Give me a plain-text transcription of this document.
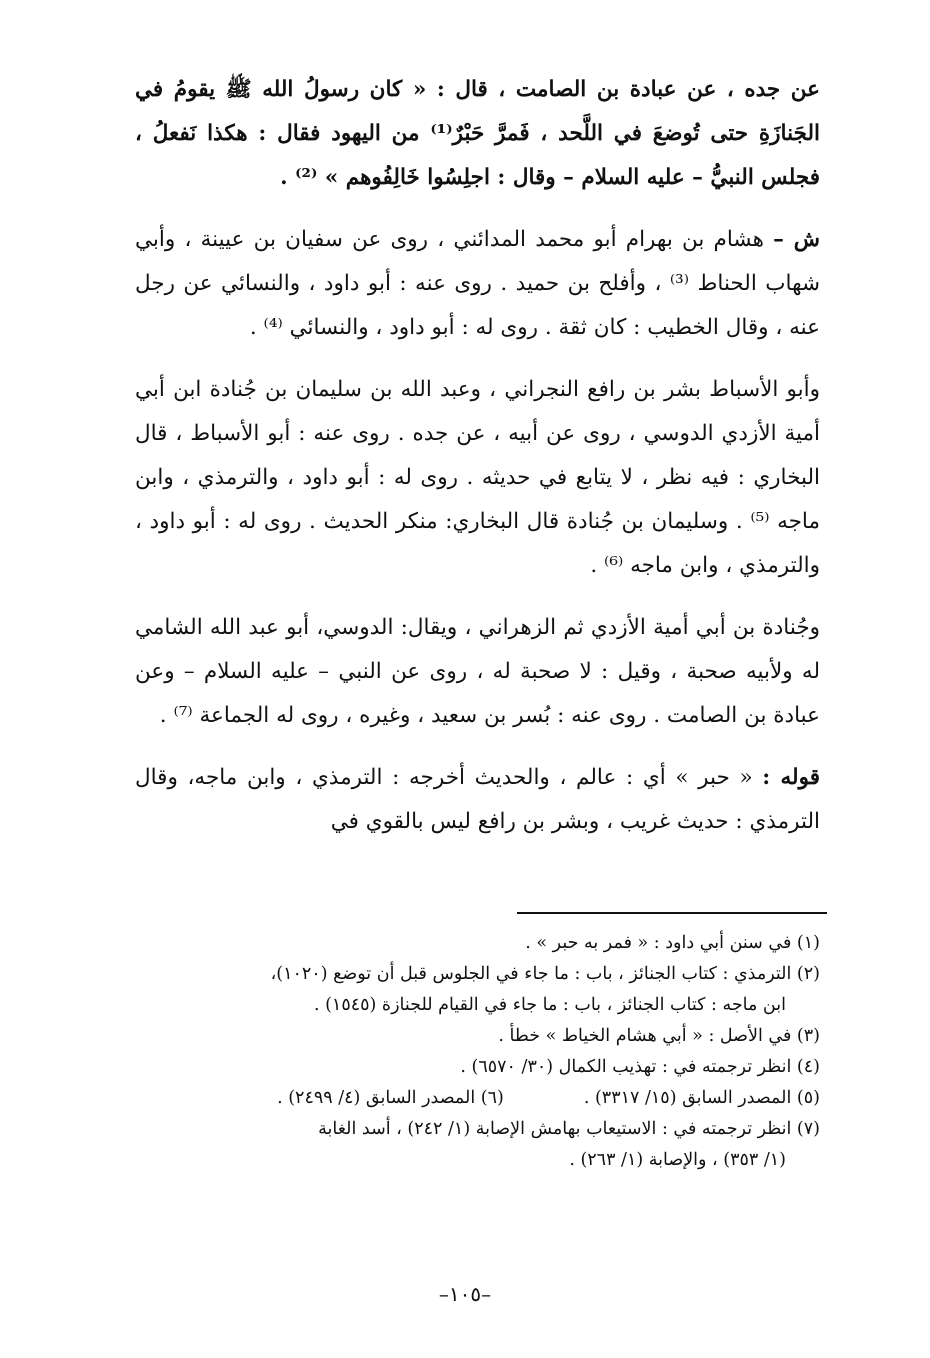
عن جده ، عن عبادة بن الصامت ، قال : « كان رسولُ الله ﷺ يقومُ في الجَنازَةِ حتى تُوضعَ في اللَّحد ، فَمرَّ حَبْرٌ⁽¹⁾ من اليهود فقال : هكذا نَفعلُ ، فجلس النبيُّ – عليه السلام – وقال : اجلِسُوا خَالِفُوهم » ⁽²⁾ .

ش – هشام بن بهرام أبو محمد المدائني ، روى عن سفيان بن عيينة ، وأبي شهاب الحناط ⁽³⁾ ، وأفلح بن حميد . روى عنه : أبو داود ، والنسائي عن رجل عنه ، وقال الخطيب : كان ثقة . روى له : أبو داود ، والنسائي ⁽⁴⁾ .

وأبو الأسباط بشر بن رافع النجراني ، وعبد الله بن سليمان بن جُنادة ابن أبي أمية الأزدي الدوسي ، روى عن أبيه ، عن جده . روى عنه : أبو الأسباط ، قال البخاري : فيه نظر ، لا يتابع في حديثه . روى له : أبو داود ، والترمذي ، وابن ماجه ⁽⁵⁾ . وسليمان بن جُنادة قال البخاري: منكر الحديث . روى له : أبو داود ، والترمذي ، وابن ماجه ⁽⁶⁾ .

وجُنادة بن أبي أمية الأزدي ثم الزهراني ، ويقال: الدوسي، أبو عبد الله الشامي له ولأبيه صحبة ، وقيل : لا صحبة له ، روى عن النبي – عليه السلام – وعن عبادة بن الصامت . روى عنه : بُسر بن سعيد ، وغيره ، روى له الجماعة ⁽⁷⁾ .

قوله : « حبر » أي : عالم ، والحديث أخرجه : الترمذي ، وابن ماجه، وقال الترمذي : حديث غريب ، وبشر بن رافع ليس بالقوي في

(١) في سنن أبي داود : « فمر به حبر » .

(٢) الترمذي : كتاب الجنائز ، باب : ما جاء في الجلوس قبل أن توضع (١٠٢٠)،

ابن ماجه : كتاب الجنائز ، باب : ما جاء في القيام للجنازة (١٥٤٥) .

(٣) في الأصل : « أبي هشام الخياط » خطأ .

(٤) انظر ترجمته في : تهذيب الكمال (٣٠/ ٦٥٧٠) .

(٥) المصدر السابق (١٥/ ٣٣١٧) .

(٦) المصدر السابق (٤/ ٢٤٩٩) .

(٧) انظر ترجمته في : الاستيعاب بهامش الإصابة (١/ ٢٤٢) ، أسد الغابة

(١/ ٣٥٣) ، والإصابة (١/ ٢٦٣) .

–١٠٥–
